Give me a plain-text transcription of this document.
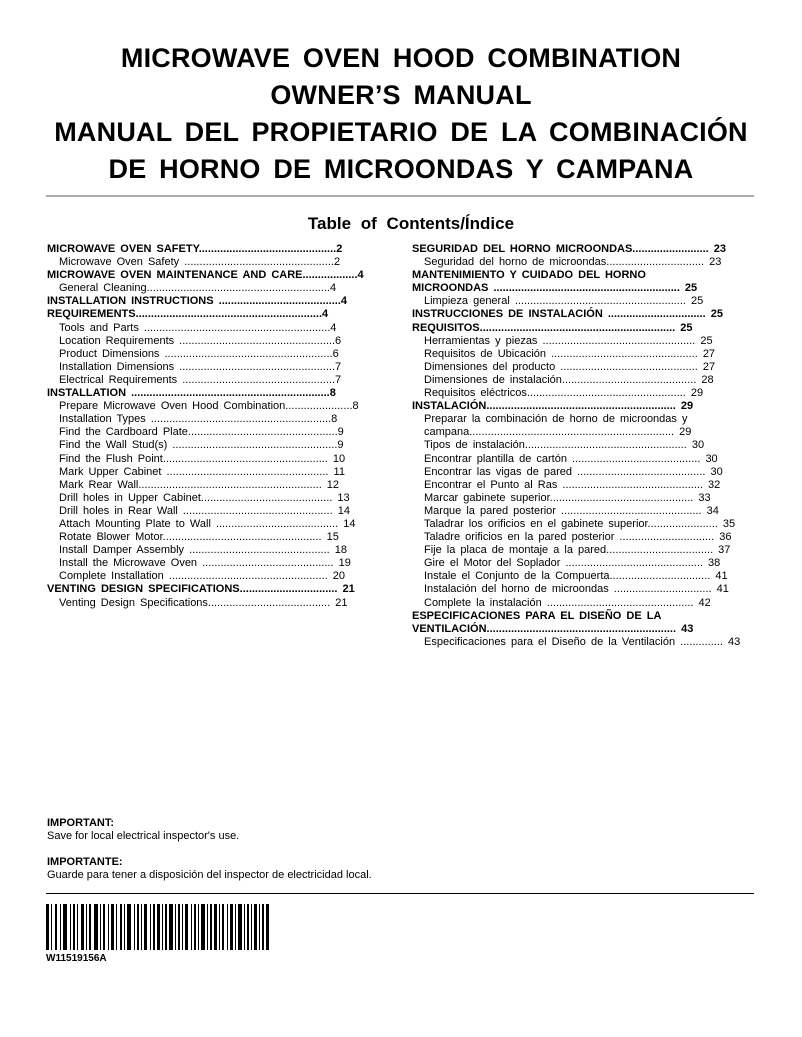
MICROWAVE OVEN HOOD COMBINATION
OWNER’S MANUAL
MANUAL DEL PROPIETARIO DE LA COMBINACIÓN
DE HORNO DE MICROONDAS Y CAMPANA
Table of Contents/Índice
MICROWAVE OVEN SAFETY.............................................2
Microwave Oven Safety .................................................2
MICROWAVE OVEN MAINTENANCE AND CARE..................4
General Cleaning............................................................4
INSTALLATION INSTRUCTIONS ........................................4
REQUIREMENTS.............................................................4
Tools and Parts .............................................................4
Location Requirements ...................................................6
Product Dimensions .......................................................6
Installation Dimensions ...................................................7
Electrical Requirements ..................................................7
INSTALLATION .................................................................8
Prepare Microwave Oven Hood Combination......................8
Installation Types ...........................................................8
Find the Cardboard Plate.................................................9
Find the Wall Stud(s) ......................................................9
Find the Flush Point...................................................... 10
Mark Upper Cabinet ..................................................... 11
Mark Rear Wall............................................................ 12
Drill holes in Upper Cabinet........................................... 13
Drill holes in Rear Wall ................................................. 14
Attach Mounting Plate to Wall ........................................ 14
Rotate Blower Motor.................................................... 15
Install Damper Assembly .............................................. 18
Install the Microwave Oven ........................................... 19
Complete Installation .................................................... 20
VENTING DESIGN SPECIFICATIONS................................ 21
Venting Design Specifications........................................ 21
SEGURIDAD DEL HORNO MICROONDAS......................... 23
Seguridad del horno de microondas................................ 23
MANTENIMIENTO Y CUIDADO DEL HORNO
MICROONDAS ............................................................. 25
Limpieza general ........................................................ 25
INSTRUCCIONES DE INSTALACIÓN ................................ 25
REQUISITOS................................................................ 25
Herramientas y piezas .................................................. 25
Requisitos de Ubicación ................................................ 27
Dimensiones del producto ............................................. 27
Dimensiones de instalación............................................ 28
Requisitos eléctricos.................................................... 29
INSTALACIÓN.............................................................. 29
Preparar la combinación de horno de microondas y
campana................................................................... 29
Tipos de instalación..................................................... 30
Encontrar plantilla de cartón .......................................... 30
Encontrar las vigas de pared .......................................... 30
Encontrar el Punto al Ras .............................................. 32
Marcar gabinete superior............................................... 33
Marque la pared posterior .............................................. 34
Taladrar los orificios en el gabinete superior....................... 35
Taladre orificios en la pared posterior ............................... 36
Fije la placa de montaje a la pared................................... 37
Gire el Motor del Soplador ............................................. 38
Instale el Conjunto de la Compuerta................................. 41
Instalación del horno de microondas ................................ 41
Complete la instalación ................................................ 42
ESPECIFICACIONES PARA EL DISEÑO DE LA
VENTILACIÓN.............................................................. 43
Especificaciones para el Diseño de la Ventilación .............. 43
IMPORTANT:
Save for local electrical inspector's use.
IMPORTANTE:
Guarde para tener a disposición del inspector de electricidad local.
W11519156A
